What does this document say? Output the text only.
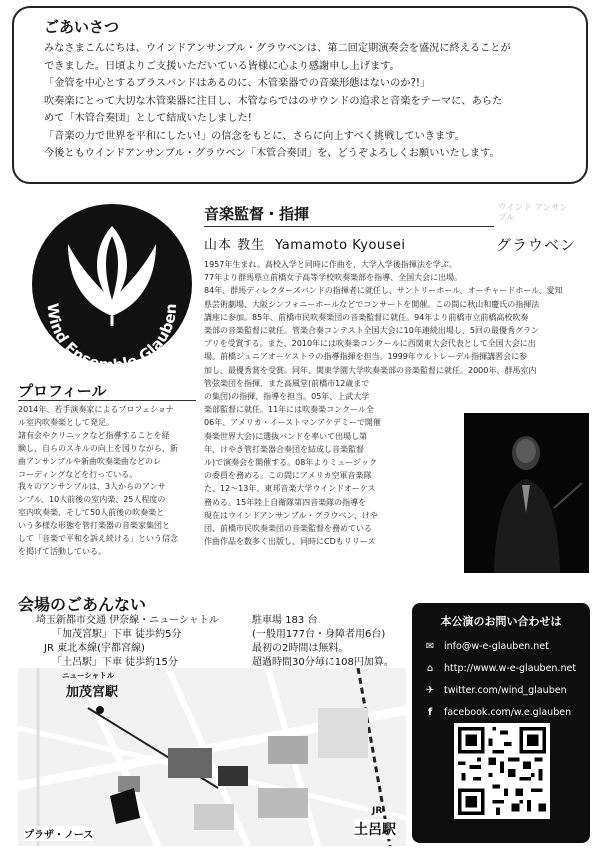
ごあいさつ
みなさまこんにちは、ウインドアンサンブル・グラウベンは、第二回定期演奏会を盛況に終えることが
できました。日頃よりご支援いただいている皆様に心より感謝申し上げます。
「金管を中心とするブラスバンドはあるのに、木管楽器での音楽形態はないのか?!」
吹奏楽にとって大切な木管楽器に注目し、木管ならではのサウンドの追求と音楽をテーマに、あらた
めて「木管合奏団」として結成いたしました!
「音楽の力で世界を平和にしたい!」の信念をもとに、さらに向上すべく挑戦していきます。
今後ともウインドアンサンブル・グラウベン「木管合奏団」を、どうぞよろしくお願いいたします。
Wind Ensemble Glauben
音楽監督・指揮
山本 教生 Yamamoto Kyousei
ウインド アンサンブル
グラウベン
1957年生まれ。高校入学と同時に作曲を、大学入学後指揮法を学ぶ。
77年より群馬県立前橋女子高等学校吹奏楽部を指導、全国大会に出場。
84年、群馬ディレクターズバンドの指揮者に就任し、サントリーホール、オーチャードホール、愛知
県芸術劇場、大阪シンフォニーホールなどでコンサートを開催。この間に秋山和慶氏の指揮法
講座に参加。85年、前橋市民吹奏楽団の音楽監督に就任。94年より前橋市立前橋高校吹奏
楽部の音楽監督に就任。管楽合奏コンテスト全国大会に10年連続出場し、5回の最優秀グラン
プリを受賞する。また、2010年には吹奏楽コンクールに西関東大会代表として全国大会に出
場。前橋ジュニアオーケストラの指導指揮を担当。1999年ウルトレーデル指揮講習会に参
加し、最優秀賞を受賞。同年、関東学園大学吹奏楽部の音楽監督に就任。2000年、群馬室内
管弦楽団を指揮、また高風堂(前橋市12歳まで
の集団)の指揮、指導を担当。05年、上武大学
楽部監督に就任。11年には吹奏楽コンクール全
06年、アメリカ・イーストマンアケデミーで開催
奏楽世界大会)に選抜バンドを率いて出場し第
年、けやき管打楽器合奏団を結成し音楽監督
ル)で演奏会を開催する。08年よりミュージック
の委員を務める。この間にアメリカ空軍音楽隊
た、12～13年、東邦音楽大学ウインドオーケス
務める。15年陸上自衛隊第四音楽隊の指導を
現在はウインドアンサンブル・グラウベン、けや
団、前橋市民吹奏楽団の音楽監督を務めている
作曲作品を数多く出版し、同時にCDもリリース
プロフィール
2014年、若手演奏家によるプロフェショナ
ル室内吹奏楽として発足。
諸有会やクリニックなど指導することを経
験し、自らのスキルの向上を図りながら、新
曲アンサンブルや新曲吹奏楽曲などのレ
コーディングなどを行っている。
我々のアンサンブルは、3人からのアンサ
ンブル、10人前後の室内楽、25人程度の
室内吹奏楽、そして50人前後の吹奏楽と
いう多様な形態を管打楽器の音楽家集団と
して「音楽で平和を訴え続ける」という信念
を掲げて活動している。
会場のごあんない
埼玉新都市交通 伊奈線・ニューシャトル
「加茂宮駅」下車 徒歩約5分
JR 東北本線(宇都宮線)
「土呂駅」下車 徒歩約15分
駐車場 183 台
(一般用177台・身障者用6台)
最初の2時間は無料。
超過時間30分毎に108円加算。
ニューシャトル
加茂宮駅
プラザ・ノース
JR
土呂駅
本公演のお問い合わせは
✉	info@w-e-glauben.net
⌂	http://www.w-e-glauben.net
✈	twitter.com/wind_glauben
f	facebook.com/w.e.glauben
